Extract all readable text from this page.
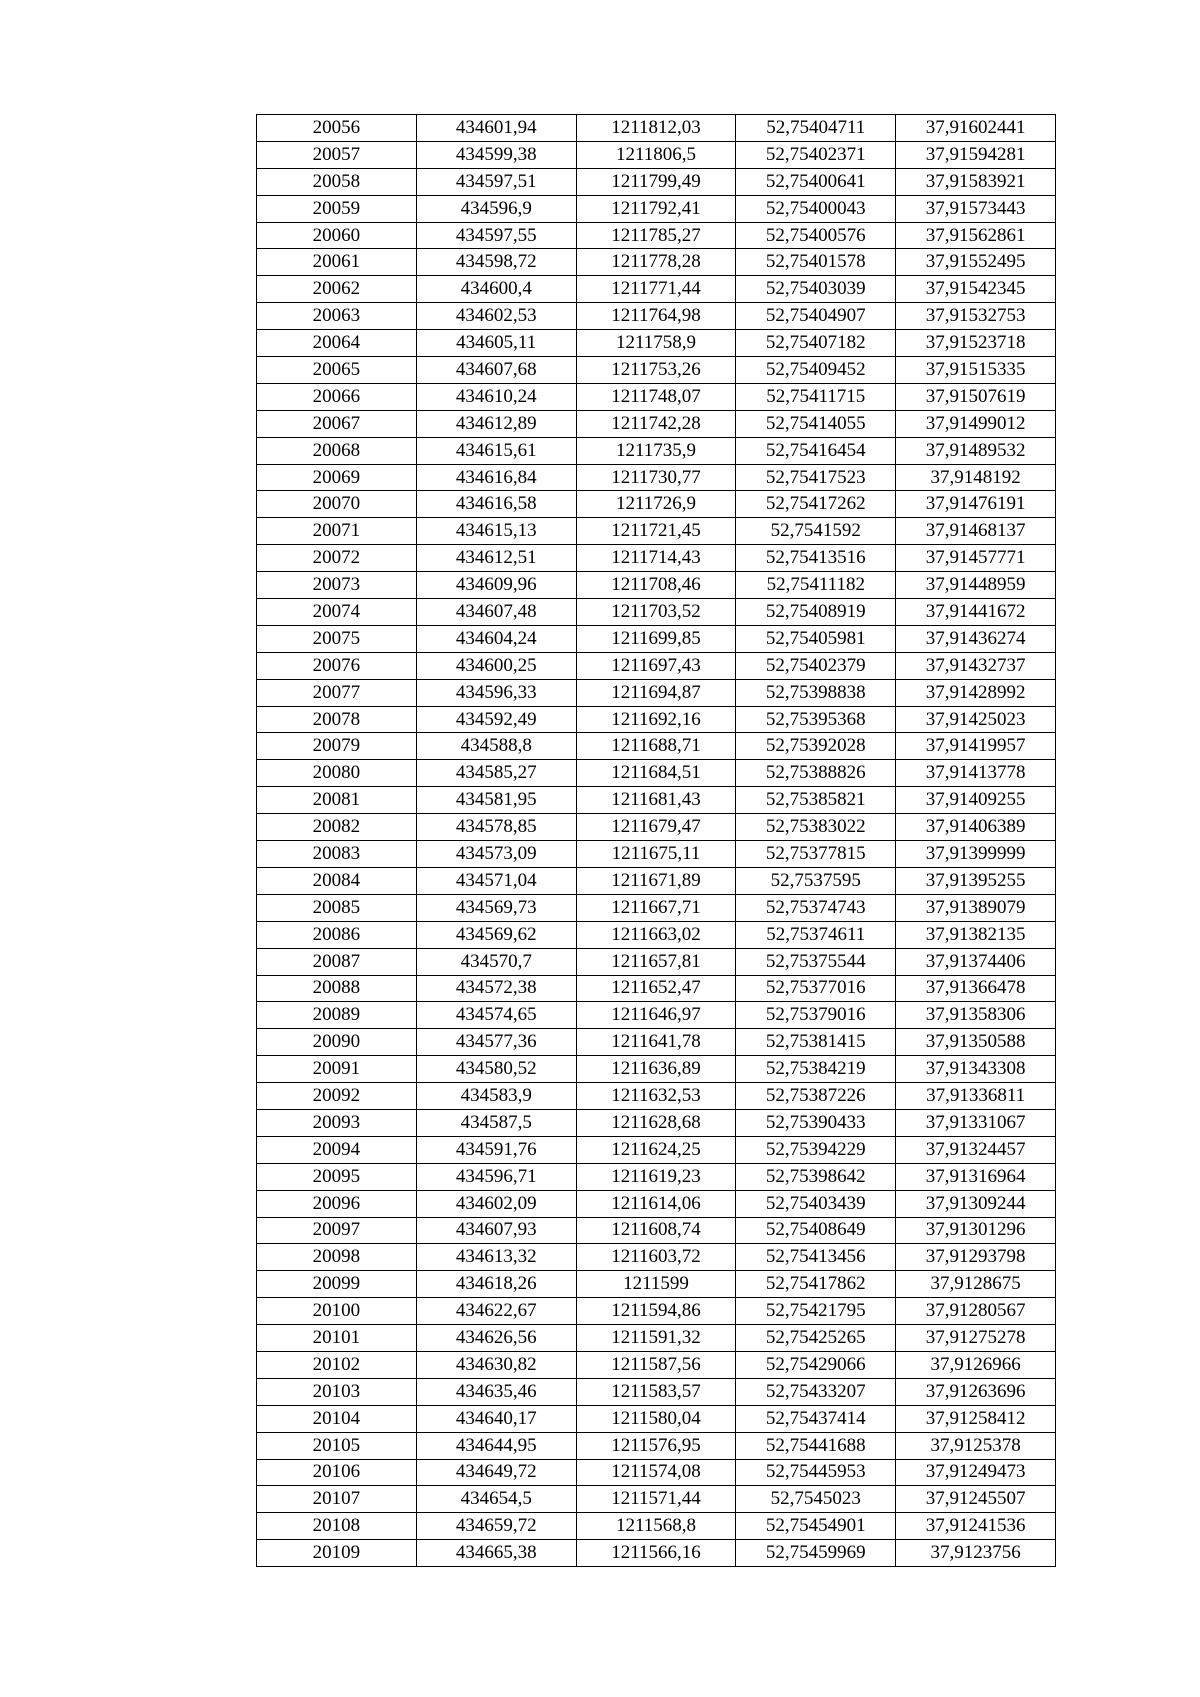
20056	434601,94	1211812,03	52,75404711	37,91602441
20057	434599,38	1211806,5	52,75402371	37,91594281
20058	434597,51	1211799,49	52,75400641	37,91583921
20059	434596,9	1211792,41	52,75400043	37,91573443
20060	434597,55	1211785,27	52,75400576	37,91562861
20061	434598,72	1211778,28	52,75401578	37,91552495
20062	434600,4	1211771,44	52,75403039	37,91542345
20063	434602,53	1211764,98	52,75404907	37,91532753
20064	434605,11	1211758,9	52,75407182	37,91523718
20065	434607,68	1211753,26	52,75409452	37,91515335
20066	434610,24	1211748,07	52,75411715	37,91507619
20067	434612,89	1211742,28	52,75414055	37,91499012
20068	434615,61	1211735,9	52,75416454	37,91489532
20069	434616,84	1211730,77	52,75417523	37,9148192
20070	434616,58	1211726,9	52,75417262	37,91476191
20071	434615,13	1211721,45	52,7541592	37,91468137
20072	434612,51	1211714,43	52,75413516	37,91457771
20073	434609,96	1211708,46	52,75411182	37,91448959
20074	434607,48	1211703,52	52,75408919	37,91441672
20075	434604,24	1211699,85	52,75405981	37,91436274
20076	434600,25	1211697,43	52,75402379	37,91432737
20077	434596,33	1211694,87	52,75398838	37,91428992
20078	434592,49	1211692,16	52,75395368	37,91425023
20079	434588,8	1211688,71	52,75392028	37,91419957
20080	434585,27	1211684,51	52,75388826	37,91413778
20081	434581,95	1211681,43	52,75385821	37,91409255
20082	434578,85	1211679,47	52,75383022	37,91406389
20083	434573,09	1211675,11	52,75377815	37,91399999
20084	434571,04	1211671,89	52,7537595	37,91395255
20085	434569,73	1211667,71	52,75374743	37,91389079
20086	434569,62	1211663,02	52,75374611	37,91382135
20087	434570,7	1211657,81	52,75375544	37,91374406
20088	434572,38	1211652,47	52,75377016	37,91366478
20089	434574,65	1211646,97	52,75379016	37,91358306
20090	434577,36	1211641,78	52,75381415	37,91350588
20091	434580,52	1211636,89	52,75384219	37,91343308
20092	434583,9	1211632,53	52,75387226	37,91336811
20093	434587,5	1211628,68	52,75390433	37,91331067
20094	434591,76	1211624,25	52,75394229	37,91324457
20095	434596,71	1211619,23	52,75398642	37,91316964
20096	434602,09	1211614,06	52,75403439	37,91309244
20097	434607,93	1211608,74	52,75408649	37,91301296
20098	434613,32	1211603,72	52,75413456	37,91293798
20099	434618,26	1211599	52,75417862	37,9128675
20100	434622,67	1211594,86	52,75421795	37,91280567
20101	434626,56	1211591,32	52,75425265	37,91275278
20102	434630,82	1211587,56	52,75429066	37,9126966
20103	434635,46	1211583,57	52,75433207	37,91263696
20104	434640,17	1211580,04	52,75437414	37,91258412
20105	434644,95	1211576,95	52,75441688	37,9125378
20106	434649,72	1211574,08	52,75445953	37,91249473
20107	434654,5	1211571,44	52,7545023	37,91245507
20108	434659,72	1211568,8	52,75454901	37,91241536
20109	434665,38	1211566,16	52,75459969	37,9123756
